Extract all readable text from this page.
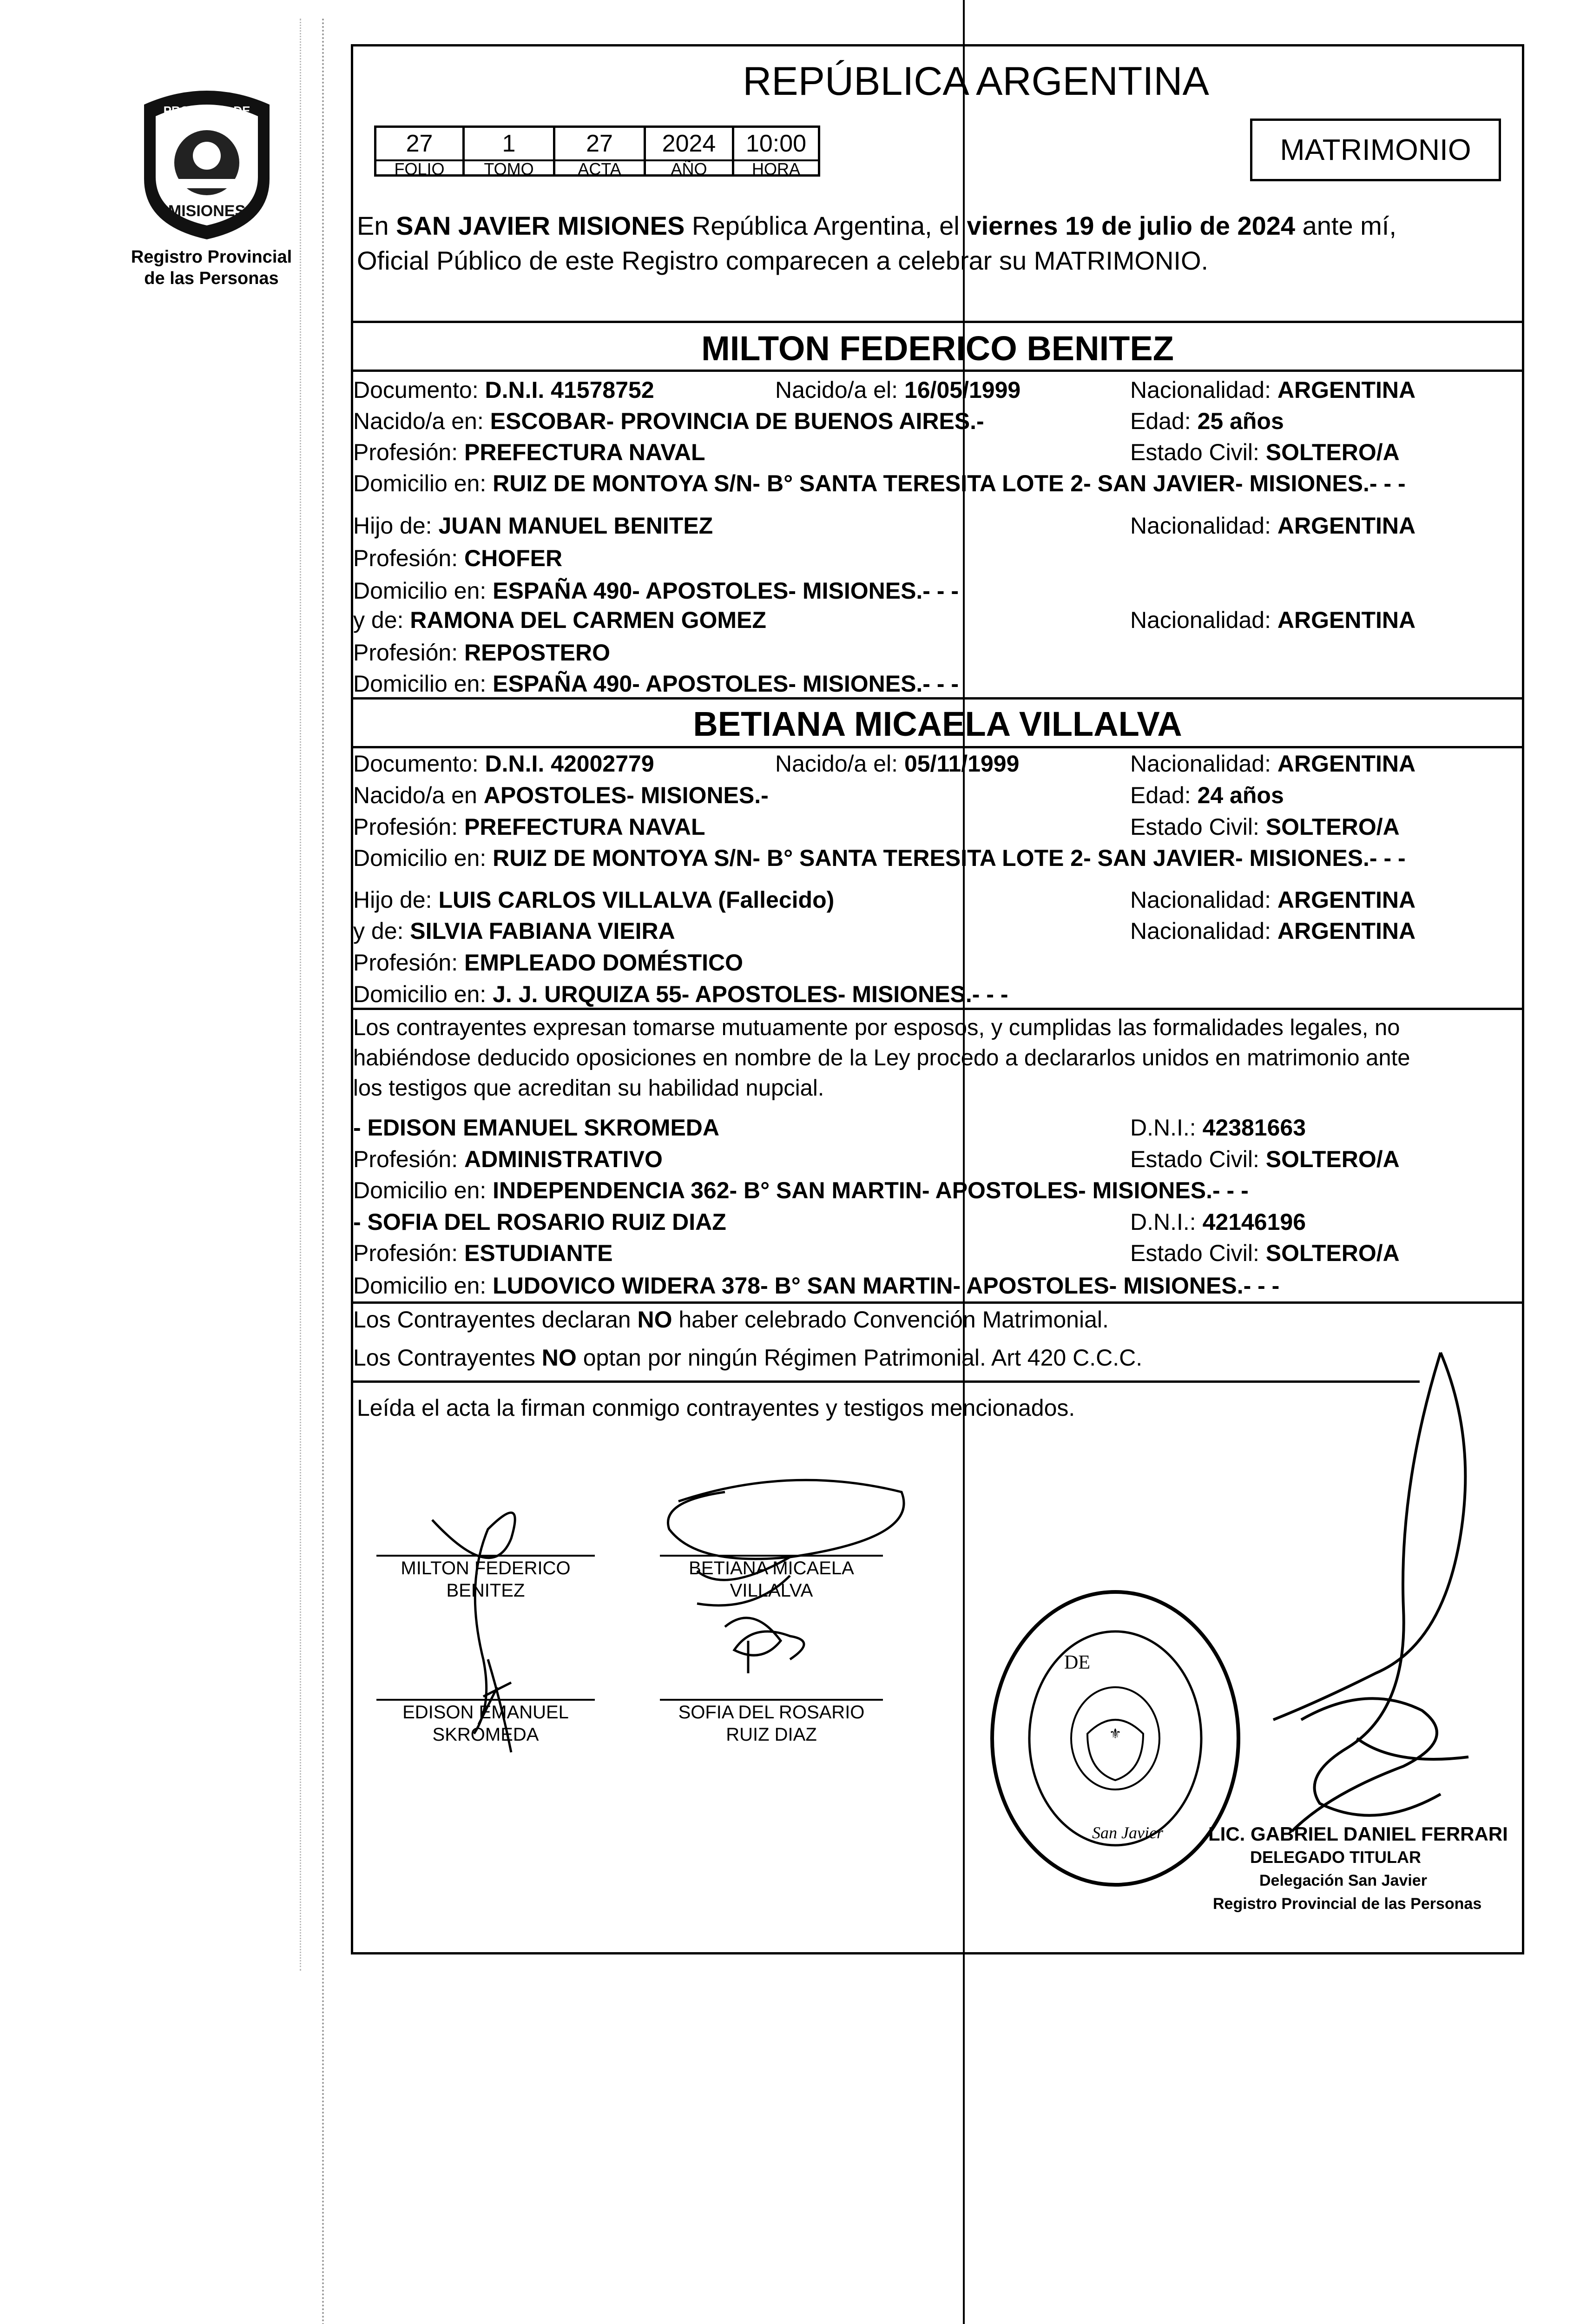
PROVINCIA DE
MISIONES
Registro Provincial
de las Personas
REPÚBLICA ARGENTINA
27
FOLIO
1
TOMO
27
ACTA
2024
AÑO
10:00
HORA
MATRIMONIO
En SAN JAVIER MISIONES República Argentina, el viernes 19 de julio de 2024 ante mí,
Oficial Público de este Registro comparecen a celebrar su MATRIMONIO.
MILTON FEDERICO BENITEZ
Documento: D.N.I. 41578752	Nacido/a el: 16/05/1999	Nacionalidad: ARGENTINA
Nacido/a en: ESCOBAR- PROVINCIA DE BUENOS AIRES.-	Edad: 25 años
Profesión: PREFECTURA NAVAL	Estado Civil: SOLTERO/A
Domicilio en: RUIZ DE MONTOYA S/N- B° SANTA TERESITA LOTE 2- SAN JAVIER- MISIONES.- - -
Hijo de: JUAN MANUEL BENITEZ	Nacionalidad: ARGENTINA
Profesión: CHOFER
Domicilio en: ESPAÑA 490- APOSTOLES- MISIONES.- - -
y de: RAMONA DEL CARMEN GOMEZ	Nacionalidad: ARGENTINA
Profesión: REPOSTERO
Domicilio en: ESPAÑA 490- APOSTOLES- MISIONES.- - -
BETIANA MICAELA VILLALVA
Documento: D.N.I. 42002779	Nacido/a el: 05/11/1999	Nacionalidad: ARGENTINA
Nacido/a en APOSTOLES- MISIONES.-	Edad: 24 años
Profesión: PREFECTURA NAVAL	Estado Civil: SOLTERO/A
Domicilio en: RUIZ DE MONTOYA S/N- B° SANTA TERESITA LOTE 2- SAN JAVIER- MISIONES.- - -
Hijo de: LUIS CARLOS VILLALVA (Fallecido)	Nacionalidad: ARGENTINA
y de: SILVIA FABIANA VIEIRA	Nacionalidad: ARGENTINA
Profesión: EMPLEADO DOMÉSTICO
Domicilio en: J. J. URQUIZA 55- APOSTOLES- MISIONES.- - -
Los contrayentes expresan tomarse mutuamente por esposos, y cumplidas las formalidades legales, no
habiéndose deducido oposiciones en nombre de la Ley procedo a declararlos unidos en matrimonio ante
los testigos que acreditan su habilidad nupcial.
- EDISON EMANUEL SKROMEDA	D.N.I.: 42381663
Profesión: ADMINISTRATIVO	Estado Civil: SOLTERO/A
Domicilio en: INDEPENDENCIA 362- B° SAN MARTIN- APOSTOLES- MISIONES.- - -
- SOFIA DEL ROSARIO RUIZ DIAZ	D.N.I.: 42146196
Profesión: ESTUDIANTE	Estado Civil: SOLTERO/A
Domicilio en: LUDOVICO WIDERA 378- B° SAN MARTIN- APOSTOLES- MISIONES.- - -
Los Contrayentes declaran NO haber celebrado Convención Matrimonial.
Los Contrayentes NO optan por ningún Régimen Patrimonial. Art 420 C.C.C.
Leída el acta la firman conmigo contrayentes y testigos mencionados.
MILTON FEDERICO
BENITEZ
BETIANA MICAELA
VILLALVA
EDISON EMANUEL
SKROMEDA
SOFIA DEL ROSARIO
RUIZ DIAZ	⚜
DE
San Javier LIC. GABRIEL DANIEL FERRARI
DELEGADO TITULAR
Delegación San Javier
Registro Provincial de las Personas
